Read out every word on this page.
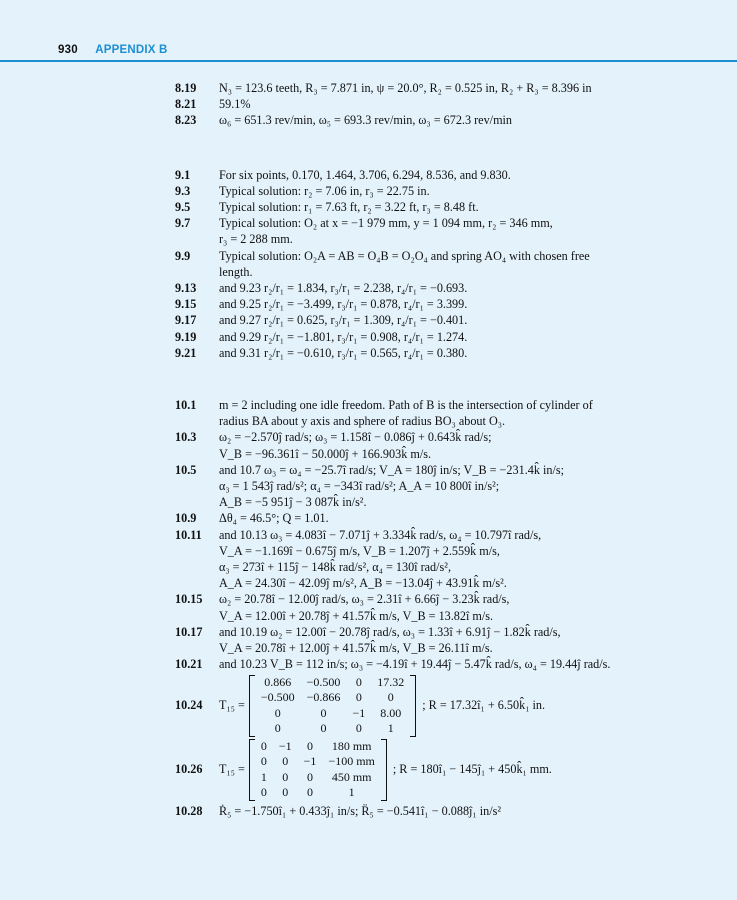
930 APPENDIX B
8.19	N₃ = 123.6 teeth, R₃ = 7.871 in, ψ = 20.0°, R₂ = 0.525 in, R₂ + R₃ = 8.396 in
8.21	59.1%
8.23	ω₆ = 651.3 rev/min, ω₅ = 693.3 rev/min, ω₃ = 672.3 rev/min
9.1	For six points, 0.170, 1.464, 3.706, 6.294, 8.536, and 9.830.
9.3	Typical solution: r₂ = 7.06 in, r₃ = 22.75 in.
9.5	Typical solution: r₁ = 7.63 ft, r₂ = 3.22 ft, r₃ = 8.48 ft.
9.7	Typical solution: O₂ at x = −1 979 mm, y = 1 094 mm, r₂ = 346 mm,
r₃ = 2 288 mm.
9.9	Typical solution: O₂A = AB = O₄B = O₂O₄ and spring AO₄ with chosen free
length.
9.13	and 9.23 r₂/r₁ = 1.834, r₃/r₁ = 2.238, r₄/r₁ = −0.693.
9.15	and 9.25 r₂/r₁ = −3.499, r₃/r₁ = 0.878, r₄/r₁ = 3.399.
9.17	and 9.27 r₂/r₁ = 0.625, r₃/r₁ = 1.309, r₄/r₁ = −0.401.
9.19	and 9.29 r₂/r₁ = −1.801, r₃/r₁ = 0.908, r₄/r₁ = 1.274.
9.21	and 9.31 r₂/r₁ = −0.610, r₃/r₁ = 0.565, r₄/r₁ = 0.380.
10.1	m = 2 including one idle freedom. Path of B is the intersection of cylinder of
radius BA about y axis and sphere of radius BO₃ about O₃.
10.3	ω₂ = −2.570ĵ rad/s; ω₃ = 1.158î − 0.086ĵ + 0.643k̂ rad/s;
V_B = −96.361î − 50.000ĵ + 166.903k̂ m/s.
10.5	and 10.7 ω₃ = ω₄ = −25.7î rad/s; V_A = 180ĵ in/s; V_B = −231.4k̂ in/s;
α₃ = 1 543ĵ rad/s²; α₄ = −343î rad/s²; A_A = 10 800î in/s²;
A_B = −5 951ĵ − 3 087k̂ in/s².
10.9	Δθ₄ = 46.5°; Q = 1.01.
10.11	and 10.13 ω₃ = 4.083î − 7.071ĵ + 3.334k̂ rad/s, ω₄ = 10.797î rad/s,
V_A = −1.169î − 0.675ĵ m/s, V_B = 1.207ĵ + 2.559k̂ m/s,
α₃ = 273î + 115ĵ − 148k̂ rad/s², α₄ = 130î rad/s²,
A_A = 24.30î − 42.09ĵ m/s², A_B = −13.04ĵ + 43.91k̂ m/s².
10.15	ω₂ = 20.78î − 12.00ĵ rad/s, ω₃ = 2.31î + 6.66ĵ − 3.23k̂ rad/s,
V_A = 12.00î + 20.78ĵ + 41.57k̂ m/s, V_B = 13.82î m/s.
10.17	and 10.19 ω₂ = 12.00î − 20.78ĵ rad/s, ω₃ = 1.33î + 6.91ĵ − 1.82k̂ rad/s,
V_A = 20.78î + 12.00ĵ + 41.57k̂ m/s, V_B = 26.11î m/s.
10.21	and 10.23 V_B = 112 in/s; ω₃ = −4.19î + 19.44ĵ − 5.47k̂ rad/s, ω₄ = 19.44ĵ rad/s.
10.24	T₁₅ =
0.866	−0.500	0	17.32
−0.500	−0.866	0	0
0	0	−1	8.00
0	0	0	1
; R = 17.32î₁ + 6.50k̂₁ in.
10.26	T₁₅ =
0	−1	0	180 mm
0	0	−1	−100 mm
1	0	0	450 mm
0	0	0	1
; R = 180î₁ − 145ĵ₁ + 450k̂₁ mm.
10.28	Ṙ₅ = −1.750î₁ + 0.433ĵ₁ in/s; R̈₅ = −0.541î₁ − 0.088ĵ₁ in/s²
